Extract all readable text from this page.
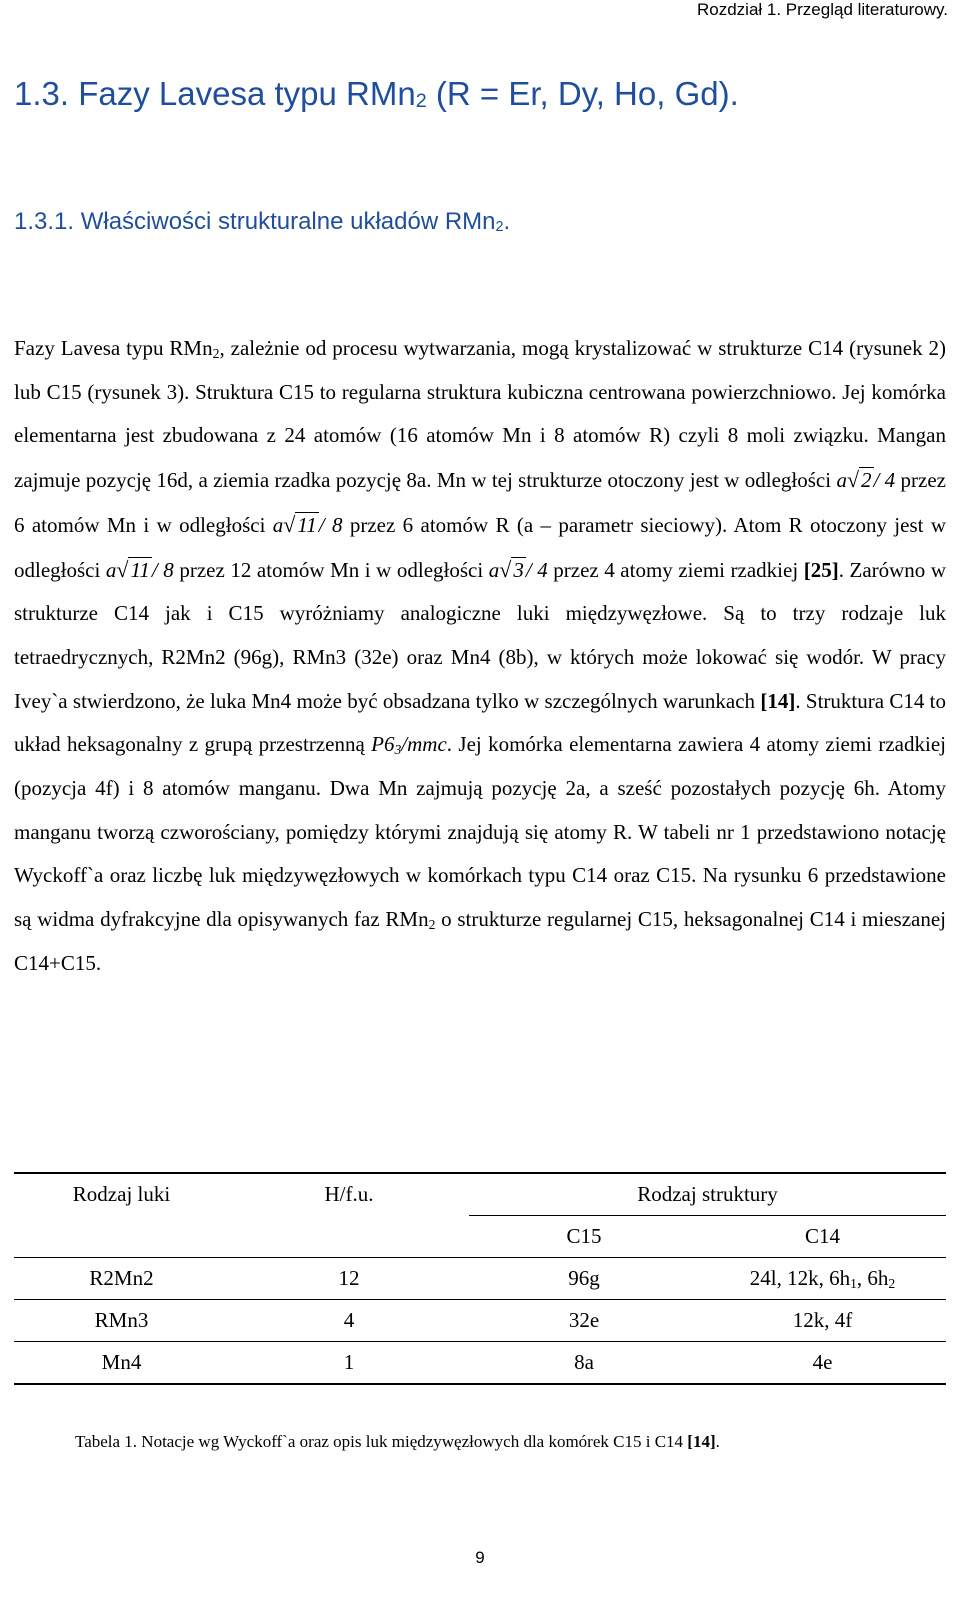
Rozdział 1. Przegląd literaturowy.
1.3. Fazy Lavesa typu RMn$_2$ (R = Er, Dy, Ho, Gd).
1.3.1. Właściwości strukturalne układów RMn$_2$.
Fazy Lavesa typu RMn$_2$, zależnie od procesu wytwarzania, mogą krystalizować w strukturze C14 (rysunek 2) lub C15 (rysunek 3). Struktura C15 to regularna struktura kubiczna centrowana powierzchniowo. Jej komórka elementarna jest zbudowana z 24 atomów (16 atomów Mn i 8 atomów R) czyli 8 moli związku. Mangan zajmuje pozycję 16d, a ziemia rzadka pozycję 8a. Mn w tej strukturze otoczony jest w odległości a√2/ 4 przez 6 atomów Mn i w odległości a√11/ 8 przez 6 atomów R (a – parametr sieciowy). Atom R otoczony jest w odległości a√11/ 8 przez 12 atomów Mn i w odległości a√3/ 4 przez 4 atomy ziemi rzadkiej [25]. Zarówno w strukturze C14 jak i C15 wyróżniamy analogiczne luki międzywęzłowe. Są to trzy rodzaje luk tetraedrycznych, R2Mn2 (96g), RMn3 (32e) oraz Mn4 (8b), w których może lokować się wodór. W pracy Ivey`a stwierdzono, że luka Mn4 może być obsadzana tylko w szczególnych warunkach [14]. Struktura C14 to układ heksagonalny z grupą przestrzenną $P6_3$/mmc. Jej komórka elementarna zawiera 4 atomy ziemi rzadkiej (pozycja 4f) i 8 atomów manganu. Dwa Mn zajmują pozycję 2a, a sześć pozostałych pozycję 6h. Atomy manganu tworzą czworościany, pomiędzy którymi znajdują się atomy R. W tabeli nr 1 przedstawiono notację Wyckoff`a oraz liczbę luk międzywęzłowych w komórkach typu C14 oraz C15. Na rysunku 6 przedstawione są widma dyfrakcyjne dla opisywanych faz RMn$_2$ o strukturze regularnej C15, heksagonalnej C14 i mieszanej C14+C15.
Rodzaj luki	H/f.u.	Rodzaj struktury	
		C15	C14
R2Mn2	12	96g	24l, 12k, $6h_1$, $6h_2$
RMn3	4	32e	12k, 4f
Mn4	1	8a	4e
Tabela 1. Notacje wg Wyckoff`a oraz opis luk międzywęzłowych dla komórek C15 i C14 [14].
9
